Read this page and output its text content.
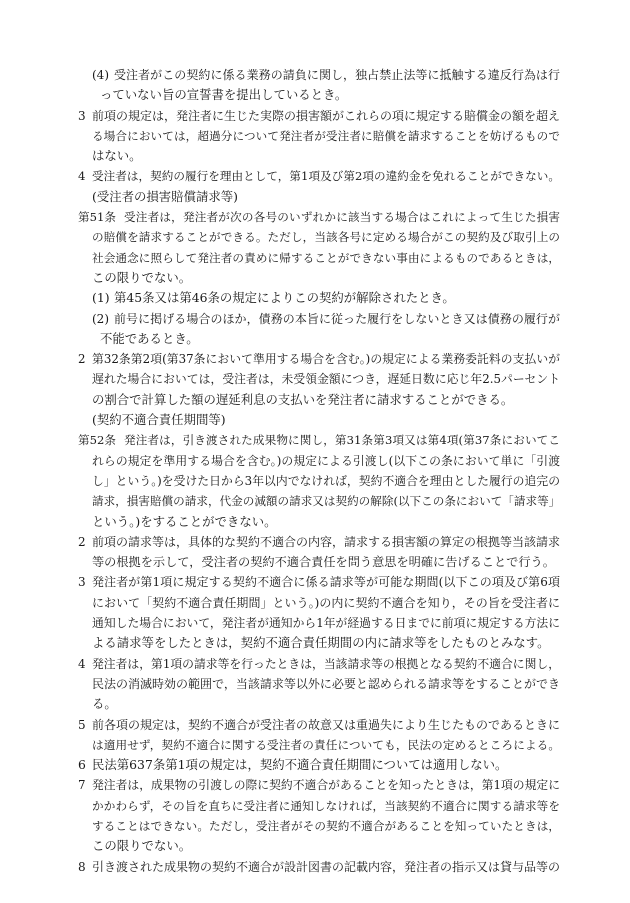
(4) 受注者がこの契約に係る業務の請負に関し，独占禁止法等に抵触する違反行為は行
っていない旨の宣誓書を提出しているとき。
3 前項の規定は，発注者に生じた実際の損害額がこれらの項に規定する賠償金の額を超え
る場合においては，超過分について発注者が受注者に賠償を請求することを妨げるもので
はない。
4 受注者は，契約の履行を理由として，第1項及び第2項の違約金を免れることができない。
(受注者の損害賠償請求等)
第51条 受注者は，発注者が次の各号のいずれかに該当する場合はこれによって生じた損害
の賠償を請求することができる。ただし，当該各号に定める場合がこの契約及び取引上の
社会通念に照らして発注者の責めに帰することができない事由によるものであるときは，
この限りでない。
(1) 第45条又は第46条の規定によりこの契約が解除されたとき。
(2) 前号に掲げる場合のほか，債務の本旨に従った履行をしないとき又は債務の履行が
不能であるとき。
2 第32条第2項(第37条において準用する場合を含む。)の規定による業務委託料の支払いが
遅れた場合においては，受注者は，未受領金額につき，遅延日数に応じ年2.5パーセント
の割合で計算した額の遅延利息の支払いを発注者に請求することができる。
(契約不適合責任期間等)
第52条 発注者は，引き渡された成果物に関し，第31条第3項又は第4項(第37条においてこ
れらの規定を準用する場合を含む。)の規定による引渡し(以下この条において単に「引渡
し」という。)を受けた日から3年以内でなければ，契約不適合を理由とした履行の追完の
請求，損害賠償の請求，代金の減額の請求又は契約の解除(以下この条において「請求等」
という。)をすることができない。
2 前項の請求等は，具体的な契約不適合の内容，請求する損害額の算定の根拠等当該請求
等の根拠を示して，受注者の契約不適合責任を問う意思を明確に告げることで行う。
3 発注者が第1項に規定する契約不適合に係る請求等が可能な期間(以下この項及び第6項
において「契約不適合責任期間」という。)の内に契約不適合を知り，その旨を受注者に
通知した場合において，発注者が通知から1年が経過する日までに前項に規定する方法に
よる請求等をしたときは，契約不適合責任期間の内に請求等をしたものとみなす。
4 発注者は，第1項の請求等を行ったときは，当該請求等の根拠となる契約不適合に関し，
民法の消滅時効の範囲で，当該請求等以外に必要と認められる請求等をすることができ
る。
5 前各項の規定は，契約不適合が受注者の故意又は重過失により生じたものであるときに
は適用せず，契約不適合に関する受注者の責任についても，民法の定めるところによる。
6 民法第637条第1項の規定は，契約不適合責任期間については適用しない。
7 発注者は，成果物の引渡しの際に契約不適合があることを知ったときは，第1項の規定に
かかわらず，その旨を直ちに受注者に通知しなければ，当該契約不適合に関する請求等を
することはできない。ただし，受注者がその契約不適合があることを知っていたときは，
この限りでない。
8 引き渡された成果物の契約不適合が設計図書の記載内容，発注者の指示又は貸与品等の
